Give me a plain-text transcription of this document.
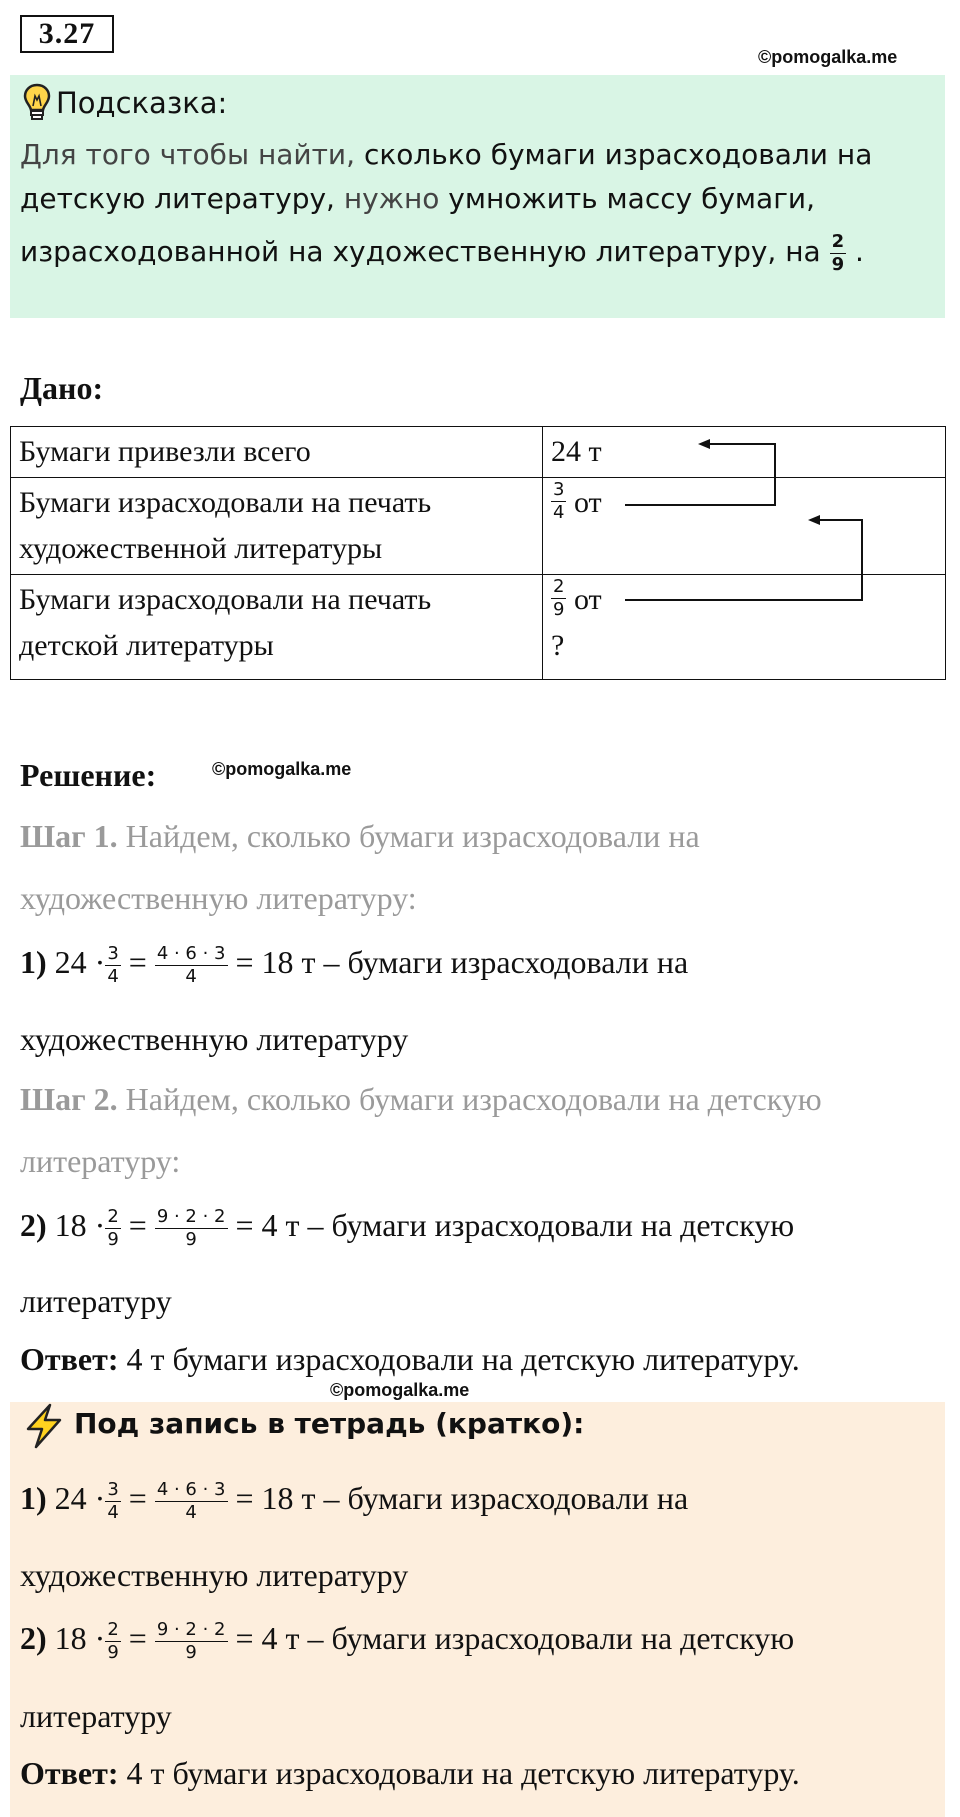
3.27
©pomogalka.me
Подсказка:
Для того чтобы найти, сколько бумаги израсходовали на
детскую литературу, нужно умножить массу бумаги,
израсходованной на художественную литературу, на $\frac{2}{9}$ .
Дано:
Бумаги привезли всего	24 т
Бумаги израсходовали на печать
художественной литературы	$\frac{3}{4}$ от
Бумаги израсходовали на печать
детской литературы	$\frac{2}{9}$ от
?
Решение:	©pomogalka.me
Шаг 1. Найдем, сколько бумаги израсходовали на
художественную литературу:
1) $24 \cdot \frac{3}{4} = \frac{4 \cdot 6 \cdot 3}{4} = 18$ т – бумаги израсходовали на
художественную литературу
Шаг 2. Найдем, сколько бумаги израсходовали на детскую
литературу:
2) $18 \cdot \frac{2}{9} = \frac{9 \cdot 2 \cdot 2}{9} = 4$ т – бумаги израсходовали на детскую
литературу
Ответ: 4 т бумаги израсходовали на детскую литературу.
©pomogalka.me
Под запись в тетрадь (кратко):
1) $24 \cdot \frac{3}{4} = \frac{4 \cdot 6 \cdot 3}{4} = 18$ т – бумаги израсходовали на
художественную литературу
2) $18 \cdot \frac{2}{9} = \frac{9 \cdot 2 \cdot 2}{9} = 4$ т – бумаги израсходовали на детскую
литературу
Ответ: 4 т бумаги израсходовали на детскую литературу.
